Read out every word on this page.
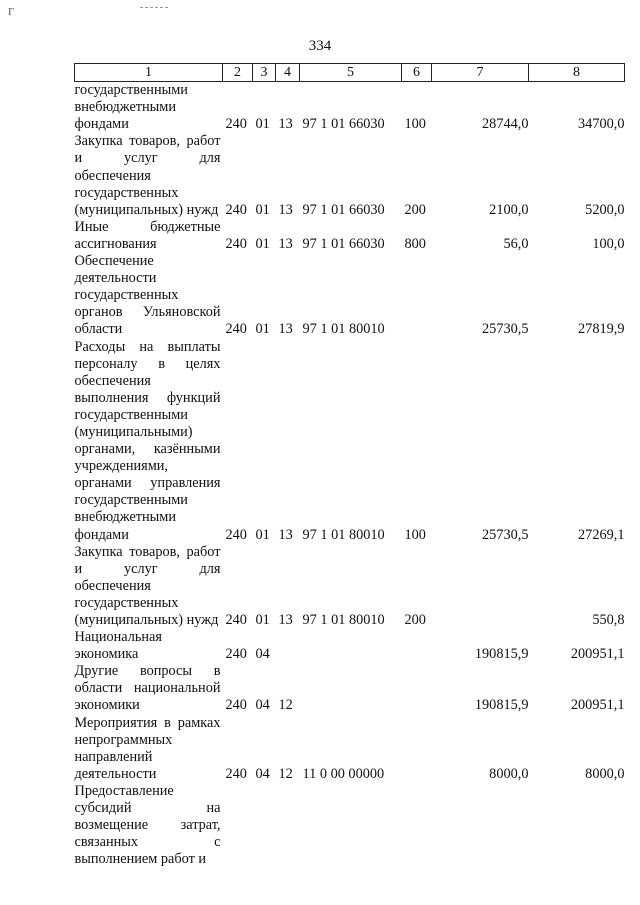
Г
334
1	2	3	4	5	6	7	8
государственными внебюджетными фондами	240	01	13	97 1 01 66030	100	28744,0	34700,0
Закупка товаров, работ и услуг для обеспечения государственных (муниципальных) нужд	240	01	13	97 1 01 66030	200	2100,0	5200,0
Иные бюджетные ассигнования	240	01	13	97 1 01 66030	800	56,0	100,0
Обеспечение деятельности государственных органов Ульяновской области	240	01	13	97 1 01 80010		25730,5	27819,9
Расходы на выплаты персоналу в целях обеспечения выполнения функций государственными (муниципальными) органами, казёнными учреждениями, органами управления государственными внебюджетными фондами	240	01	13	97 1 01 80010	100	25730,5	27269,1
Закупка товаров, работ и услуг для обеспечения государственных (муниципальных) нужд	240	01	13	97 1 01 80010	200		550,8
Национальная экономика	240	04				190815,9	200951,1
Другие вопросы в области национальной экономики	240	04	12			190815,9	200951,1
Мероприятия в рамках непрограммных направлений деятельности	240	04	12	11 0 00 00000		8000,0	8000,0
Предоставление субсидий на возмещение затрат, связанных с выполнением работ и							
